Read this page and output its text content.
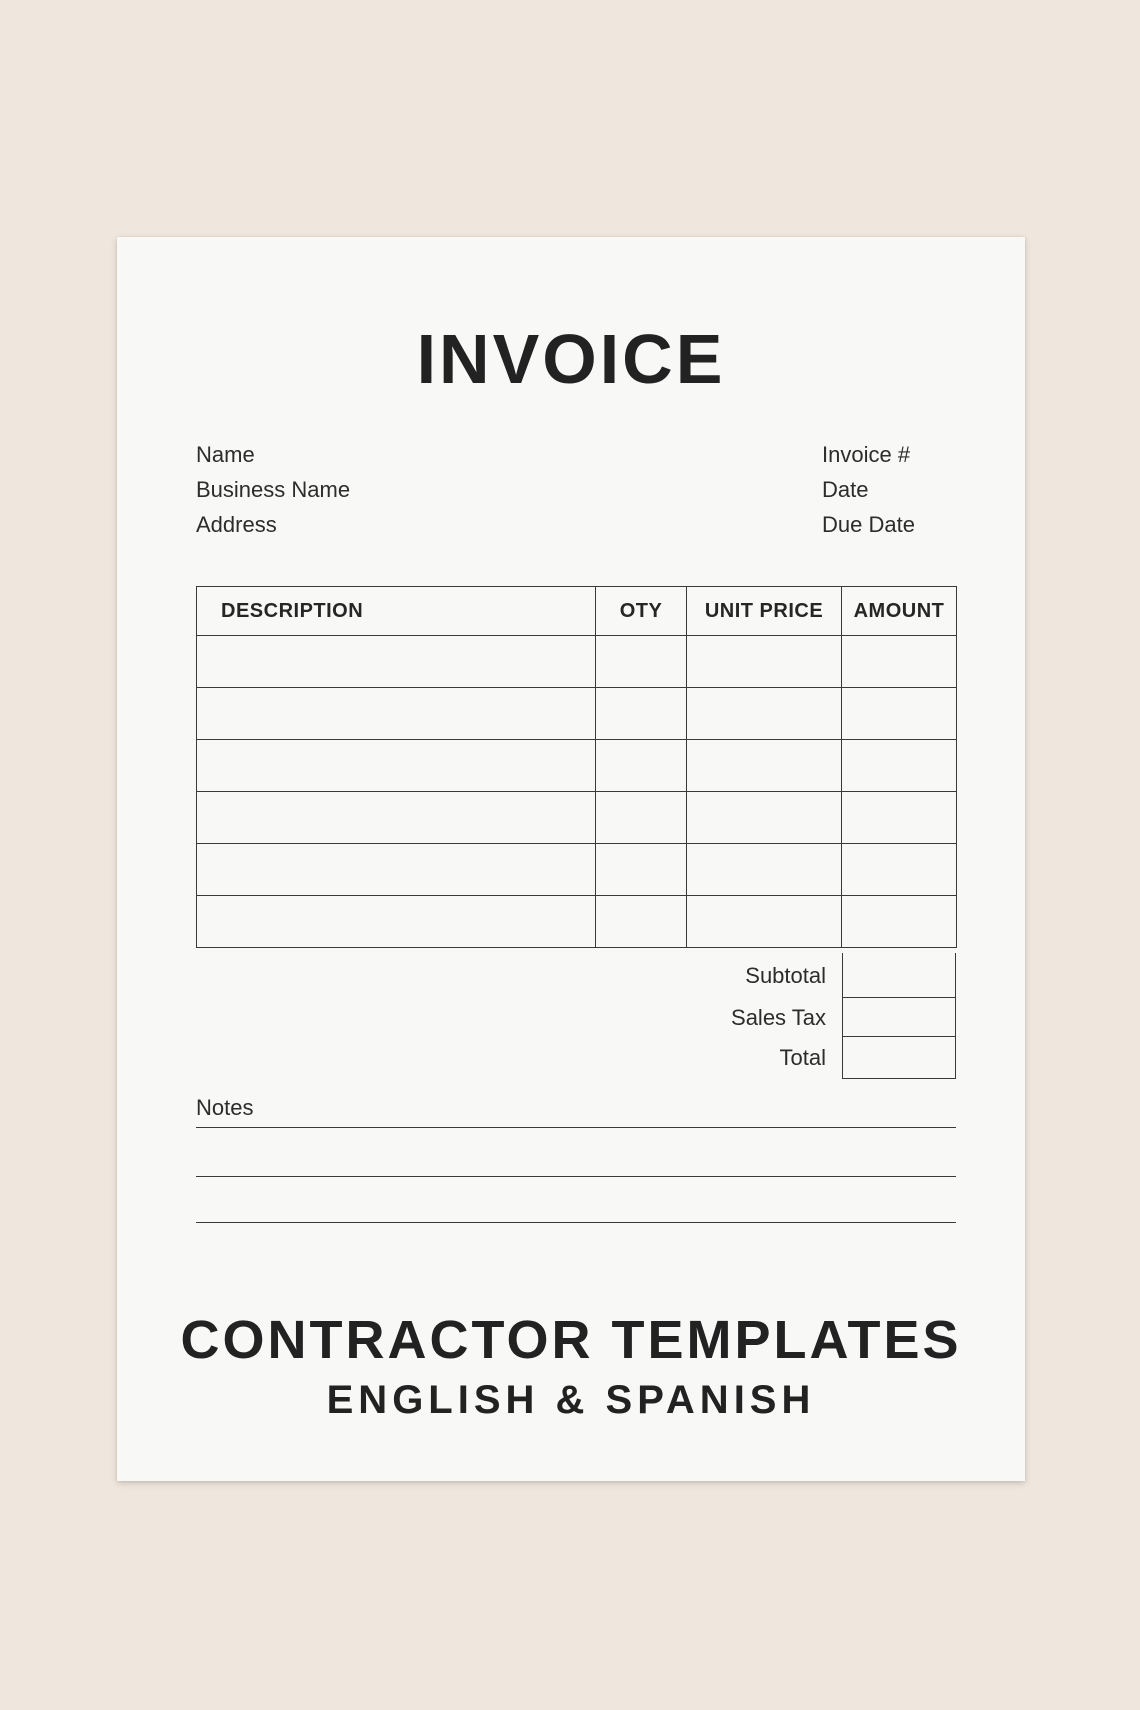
INVOICE
Name
Business Name
Address
Invoice #
Date
Due Date
DESCRIPTION	OTY	UNIT PRICE	AMOUNT

Subtotal
Sales Tax
Total
Notes
CONTRACTOR TEMPLATES
ENGLISH & SPANISH
